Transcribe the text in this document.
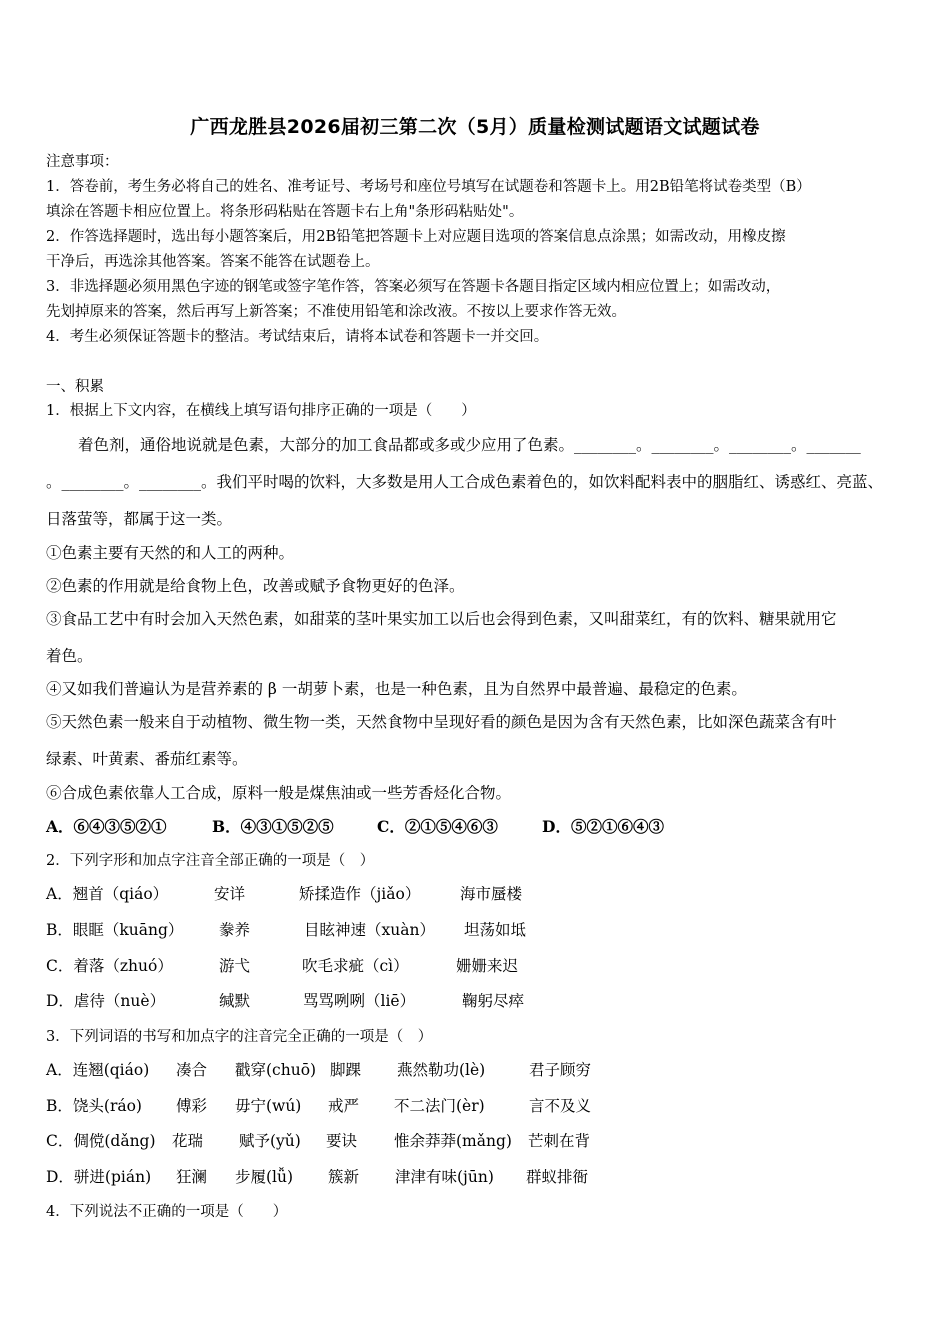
广西龙胜县2026届初三第二次（5月）质量检测试题语文试题试卷
注意事项：
1．答卷前，考生务必将自己的姓名、准考证号、考场号和座位号填写在试题卷和答题卡上。用2B铅笔将试卷类型（B）
填涂在答题卡相应位置上。将条形码粘贴在答题卡右上角"条形码粘贴处"。
2．作答选择题时，选出每小题答案后，用2B铅笔把答题卡上对应题目选项的答案信息点涂黑；如需改动，用橡皮擦
干净后，再选涂其他答案。答案不能答在试题卷上。
3．非选择题必须用黑色字迹的钢笔或签字笔作答，答案必须写在答题卡各题目指定区域内相应位置上；如需改动，
先划掉原来的答案，然后再写上新答案；不准使用铅笔和涂改液。不按以上要求作答无效。
4．考生必须保证答题卡的整洁。考试结束后，请将本试卷和答题卡一并交回。
一、积累
1．根据上下文内容，在横线上填写语句排序正确的一项是（　　）
着色剂，通俗地说就是色素，大部分的加工食品都或多或少应用了色素。________。________。________。_______
。________。________。我们平时喝的饮料，大多数是用人工合成色素着色的，如饮料配料表中的胭脂红、诱惑红、亮蓝、
日落萤等，都属于这一类。
①色素主要有天然的和人工的两种。
②色素的作用就是给食物上色，改善或赋予食物更好的色泽。
③食品工艺中有时会加入天然色素，如甜菜的茎叶果实加工以后也会得到色素，又叫甜菜红，有的饮料、糖果就用它
着色。
④又如我们普遍认为是营养素的 β 一胡萝卜素，也是一种色素，且为自然界中最普遍、最稳定的色素。
⑤天然色素一般来自于动植物、微生物一类，天然食物中呈现好看的颜色是因为含有天然色素，比如深色蔬菜含有叶
绿素、叶黄素、番茄红素等。
⑥合成色素依靠人工合成，原料一般是煤焦油或一些芳香烃化合物。
A．⑥④③⑤②①	B．④③①⑤②⑤	C．②①⑤④⑥③	D．⑤②①⑥④③
2．下列字形和加点字注音全部正确的一项是（　）
A．翘首（qiáo）	安详	矫揉造作（jiǎo）	海市蜃楼
B．眼眶（kuāng） 豢养	目眩神速（xuàn） 坦荡如坻
C．着落（zhuó）	游弋	吹毛求疵（cì）	姗姗来迟
D．虐待（nuè）	缄默	骂骂咧咧（liē）	鞠躬尽瘁
3．下列词语的书写和加点字的注音完全正确的一项是（　）
A．连翘(qiáo) 凑合 戳穿(chuō) 脚踝 燕然勒功(lè)	君子顾穷
B．饶头(ráo) 傅彩 毋宁(wú) 戒严 不二法门(èr)	言不及义
C．倜傥(dǎng) 花瑞 赋予(yǔ) 要诀 惟余莽莽(mǎng) 芒刺在背
D．骈进(pián) 狂澜 步履(lǚ) 簇新 津津有味(jūn) 群蚁排衙
4．下列说法不正确的一项是（　　）
